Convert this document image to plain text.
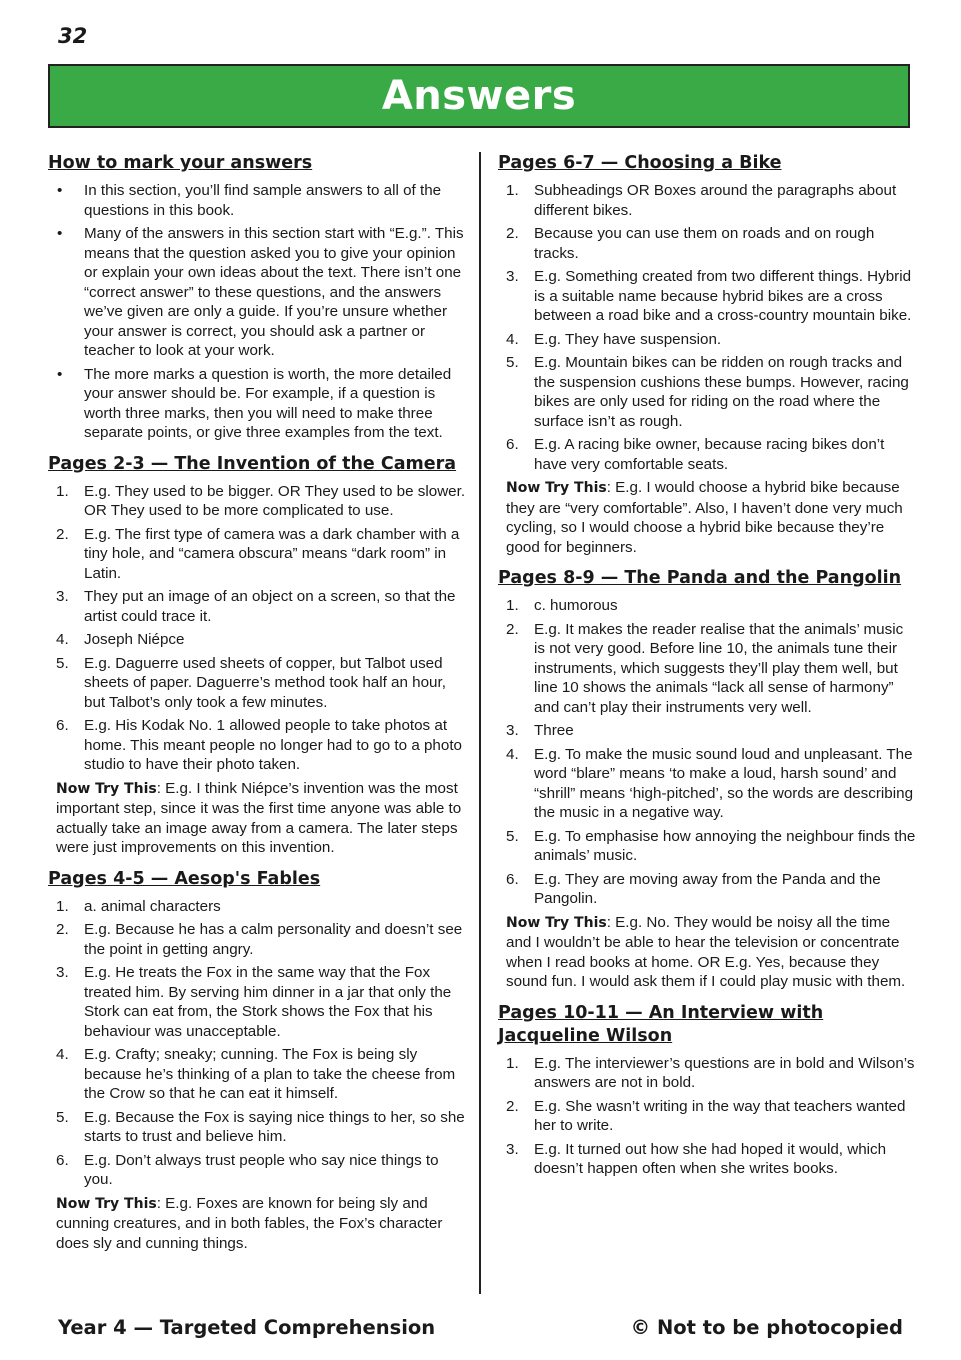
32
Answers
How to mark your answers
• In this section, you’ll find sample answers to all of the questions in this book.
• Many of the answers in this section start with “E.g.”. This means that the question asked you to give your opinion or explain your own ideas about the text. There isn’t one “correct answer” to these questions, and the answers we’ve given are only a guide. If you’re unsure whether your answer is correct, you should ask a partner or teacher to look at your work.
• The more marks a question is worth, the more detailed your answer should be. For example, if a question is worth three marks, then you will need to make three separate points, or give three examples from the text.
Pages 2-3 — The Invention of the Camera
1. E.g. They used to be bigger. OR They used to be slower. OR They used to be more complicated to use.
2. E.g. The first type of camera was a dark chamber with a tiny hole, and “camera obscura” means “dark room” in Latin.
3. They put an image of an object on a screen, so that the artist could trace it.
4. Joseph Niépce
5. E.g. Daguerre used sheets of copper, but Talbot used sheets of paper. Daguerre’s method took half an hour, but Talbot’s only took a few minutes.
6. E.g. His Kodak No. 1 allowed people to take photos at home. This meant people no longer had to go to a photo studio to have their photo taken.
Now Try This: E.g. I think Niépce’s invention was the most important step, since it was the first time anyone was able to actually take an image away from a camera. The later steps were just improvements on this invention.
Pages 4-5 — Aesop's Fables
1. a. animal characters
2. E.g. Because he has a calm personality and doesn’t see the point in getting angry.
3. E.g. He treats the Fox in the same way that the Fox treated him. By serving him dinner in a jar that only the Stork can eat from, the Stork shows the Fox that his behaviour was unacceptable.
4. E.g. Crafty; sneaky; cunning. The Fox is being sly because he’s thinking of a plan to take the cheese from the Crow so that he can eat it himself.
5. E.g. Because the Fox is saying nice things to her, so she starts to trust and believe him.
6. E.g. Don’t always trust people who say nice things to you.
Now Try This: E.g. Foxes are known for being sly and cunning creatures, and in both fables, the Fox’s character does sly and cunning things.
Pages 6-7 — Choosing a Bike
1. Subheadings OR Boxes around the paragraphs about different bikes.
2. Because you can use them on roads and on rough tracks.
3. E.g. Something created from two different things. Hybrid is a suitable name because hybrid bikes are a cross between a road bike and a cross-country mountain bike.
4. E.g. They have suspension.
5. E.g. Mountain bikes can be ridden on rough tracks and the suspension cushions these bumps. However, racing bikes are only used for riding on the road where the surface isn’t as rough.
6. E.g. A racing bike owner, because racing bikes don’t have very comfortable seats.
Now Try This: E.g. I would choose a hybrid bike because they are “very comfortable”. Also, I haven’t done very much cycling, so I would choose a hybrid bike because they’re good for beginners.
Pages 8-9 — The Panda and the Pangolin
1. c. humorous
2. E.g. It makes the reader realise that the animals’ music is not very good. Before line 10, the animals tune their instruments, which suggests they’ll play them well, but line 10 shows the animals “lack all sense of harmony” and can’t play their instruments very well.
3. Three
4. E.g. To make the music sound loud and unpleasant. The word “blare” means ‘to make a loud, harsh sound’ and “shrill” means ‘high-pitched’, so the words are describing the music in a negative way.
5. E.g. To emphasise how annoying the neighbour finds the animals’ music.
6. E.g. They are moving away from the Panda and the Pangolin.
Now Try This: E.g. No. They would be noisy all the time and I wouldn’t be able to hear the television or concentrate when I read books at home. OR E.g. Yes, because they sound fun. I would ask them if I could play music with them.
Pages 10-11 — An Interview with Jacqueline Wilson
1. E.g. The interviewer’s questions are in bold and Wilson’s answers are not in bold.
2. E.g. She wasn’t writing in the way that teachers wanted her to write.
3. E.g. It turned out how she had hoped it would, which doesn’t happen often when she writes books.
Year 4 — Targeted Comprehension	© Not to be photocopied
